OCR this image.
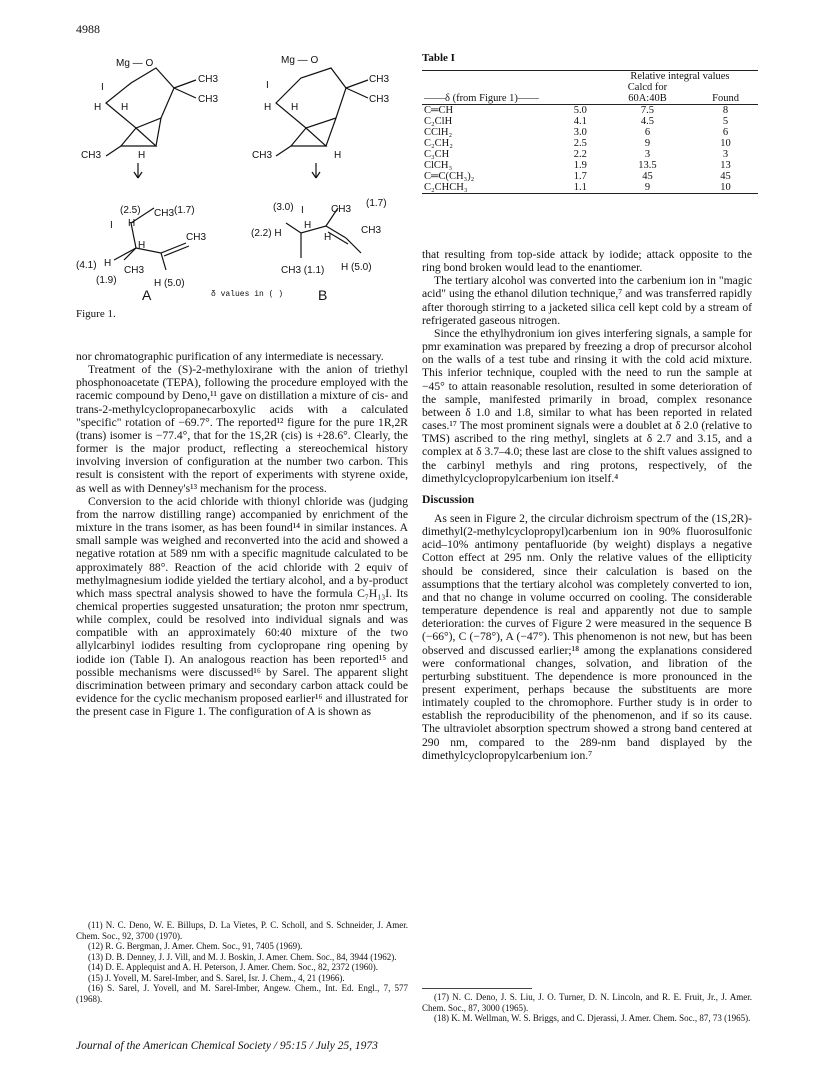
4988
Mg — O	Mg — O
I	I
H H
H
H H
H
CH3
CH3
CH3
CH3
CH3
CH3
(2.5)	(1.7)
(4.1)
(1.9)	H (5.0)
I H
H
H
CH3
CH3
CH3
(3.0)	(1.7)
(2.2) H
I
H
H
CH3
CH3
CH3 (1.1) H (5.0)
A	B
δ values in ( )
Figure 1.
Table I
		Relative integral values	
		Calcd for	
——δ (from Figure 1)——		60A:40B	Found
C═CH	5.0	7.5	8
C₂ClH	4.1	4.5	5
CClH₂	3.0	6	6
C₂CH₂	2.5	9	10
C₃CH	2.2	3	3
ClCH₃	1.9	13.5	13
C═C(CH₃)₂	1.7	45	45
C₂CHCH₃	1.1	9	10

nor chromatographic purification of any intermediate is necessary.

Treatment of the (S)-2-methyloxirane with the anion of triethyl phosphonoacetate (TEPA), following the procedure employed with the racemic compound by Deno,¹¹ gave on distillation a mixture of cis- and trans-2-methylcyclopropanecarboxylic acids with a calculated "specific" rotation of −69.7°. The reported¹² figure for the pure 1R,2R (trans) isomer is −77.4°, that for the 1S,2R (cis) is +28.6°. Clearly, the former is the major product, reflecting a stereochemical history involving inversion of configuration at the number two carbon. This result is consistent with the report of experiments with styrene oxide, as well as with Denney's¹³ mechanism for the process.

Conversion to the acid chloride with thionyl chloride was (judging from the narrow distilling range) accompanied by enrichment of the mixture in the trans isomer, as has been found¹⁴ in similar instances. A small sample was weighed and reconverted into the acid and showed a negative rotation at 589 nm with a specific magnitude calculated to be approximately 88°. Reaction of the acid chloride with 2 equiv of methylmagnesium iodide yielded the tertiary alcohol, and a by-product which mass spectral analysis showed to have the formula C₇H₁₃I. Its chemical properties suggested unsaturation; the proton nmr spectrum, while complex, could be resolved into individual signals and was compatible with an approximately 60:40 mixture of the two allylcarbinyl iodides resulting from cyclopropane ring opening by iodide ion (Table I). An analogous reaction has been reported¹⁵ and possible mechanisms were discussed¹⁶ by Sarel. The apparent slight discrimination between primary and secondary carbon attack could be evidence for the cyclic mechanism proposed earlier¹⁶ and illustrated for the present case in Figure 1. The configuration of A is shown as

(11) N. C. Deno, W. E. Billups, D. La Vietes, P. C. Scholl, and S. Schneider, J. Amer. Chem. Soc., 92, 3700 (1970).
(12) R. G. Bergman, J. Amer. Chem. Soc., 91, 7405 (1969).
(13) D. B. Denney, J. J. Vill, and M. J. Boskin, J. Amer. Chem. Soc., 84, 3944 (1962).
(14) D. E. Applequist and A. H. Peterson, J. Amer. Chem. Soc., 82, 2372 (1960).
(15) J. Yovell, M. Sarel-Imber, and S. Sarel, Isr. J. Chem., 4, 21 (1966).
(16) S. Sarel, J. Yovell, and M. Sarel-Imber, Angew. Chem., Int. Ed. Engl., 7, 577 (1968).

that resulting from top-side attack by iodide; attack opposite to the ring bond broken would lead to the enantiomer.

The tertiary alcohol was converted into the carbenium ion in "magic acid" using the ethanol dilution technique,⁷ and was transferred rapidly after thorough stirring to a jacketed silica cell kept cold by a stream of refrigerated gaseous nitrogen.

Since the ethylhydronium ion gives interfering signals, a sample for pmr examination was prepared by freezing a drop of precursor alcohol on the walls of a test tube and rinsing it with the cold acid mixture. This inferior technique, coupled with the need to run the sample at −45° to attain reasonable resolution, resulted in some deterioration of the sample, manifested primarily in broad, complex resonance between δ 1.0 and 1.8, similar to what has been reported in related cases.¹⁷ The most prominent signals were a doublet at δ 2.0 (relative to TMS) ascribed to the ring methyl, singlets at δ 2.7 and 3.15, and a complex at δ 3.7–4.0; these last are close to the shift values assigned to the carbinyl methyls and ring protons, respectively, of the dimethylcyclopropylcarbenium ion itself.⁴

Discussion

As seen in Figure 2, the circular dichroism spectrum of the (1S,2R)-dimethyl(2-methylcyclopropyl)carbenium ion in 90% fluorosulfonic acid–10% antimony pentafluoride (by weight) displays a negative Cotton effect at 295 nm. Only the relative values of the ellipticity should be considered, since their calculation is based on the assumptions that the tertiary alcohol was completely converted to ion, and that no change in volume occurred on cooling. The considerable temperature dependence is real and apparently not due to sample deterioration: the curves of Figure 2 were measured in the sequence B (−66°), C (−78°), A (−47°). This phenomenon is not new, but has been observed and discussed earlier;¹⁸ among the explanations considered were conformational changes, solvation, and libration of the perturbing substituent. The dependence is more pronounced in the present experiment, perhaps because the substituents are more intimately coupled to the chromophore. Further study is in order to establish the reproducibility of the phenomenon, and if so its cause. The ultraviolet absorption spectrum showed a strong band centered at 290 nm, compared to the 289-nm band displayed by the dimethylcyclopropylcarbenium ion.⁷

(17) N. C. Deno, J. S. Liu, J. O. Turner, D. N. Lincoln, and R. E. Fruit, Jr., J. Amer. Chem. Soc., 87, 3000 (1965).
(18) K. M. Wellman, W. S. Briggs, and C. Djerassi, J. Amer. Chem. Soc., 87, 73 (1965).
Journal of the American Chemical Society / 95:15 / July 25, 1973
